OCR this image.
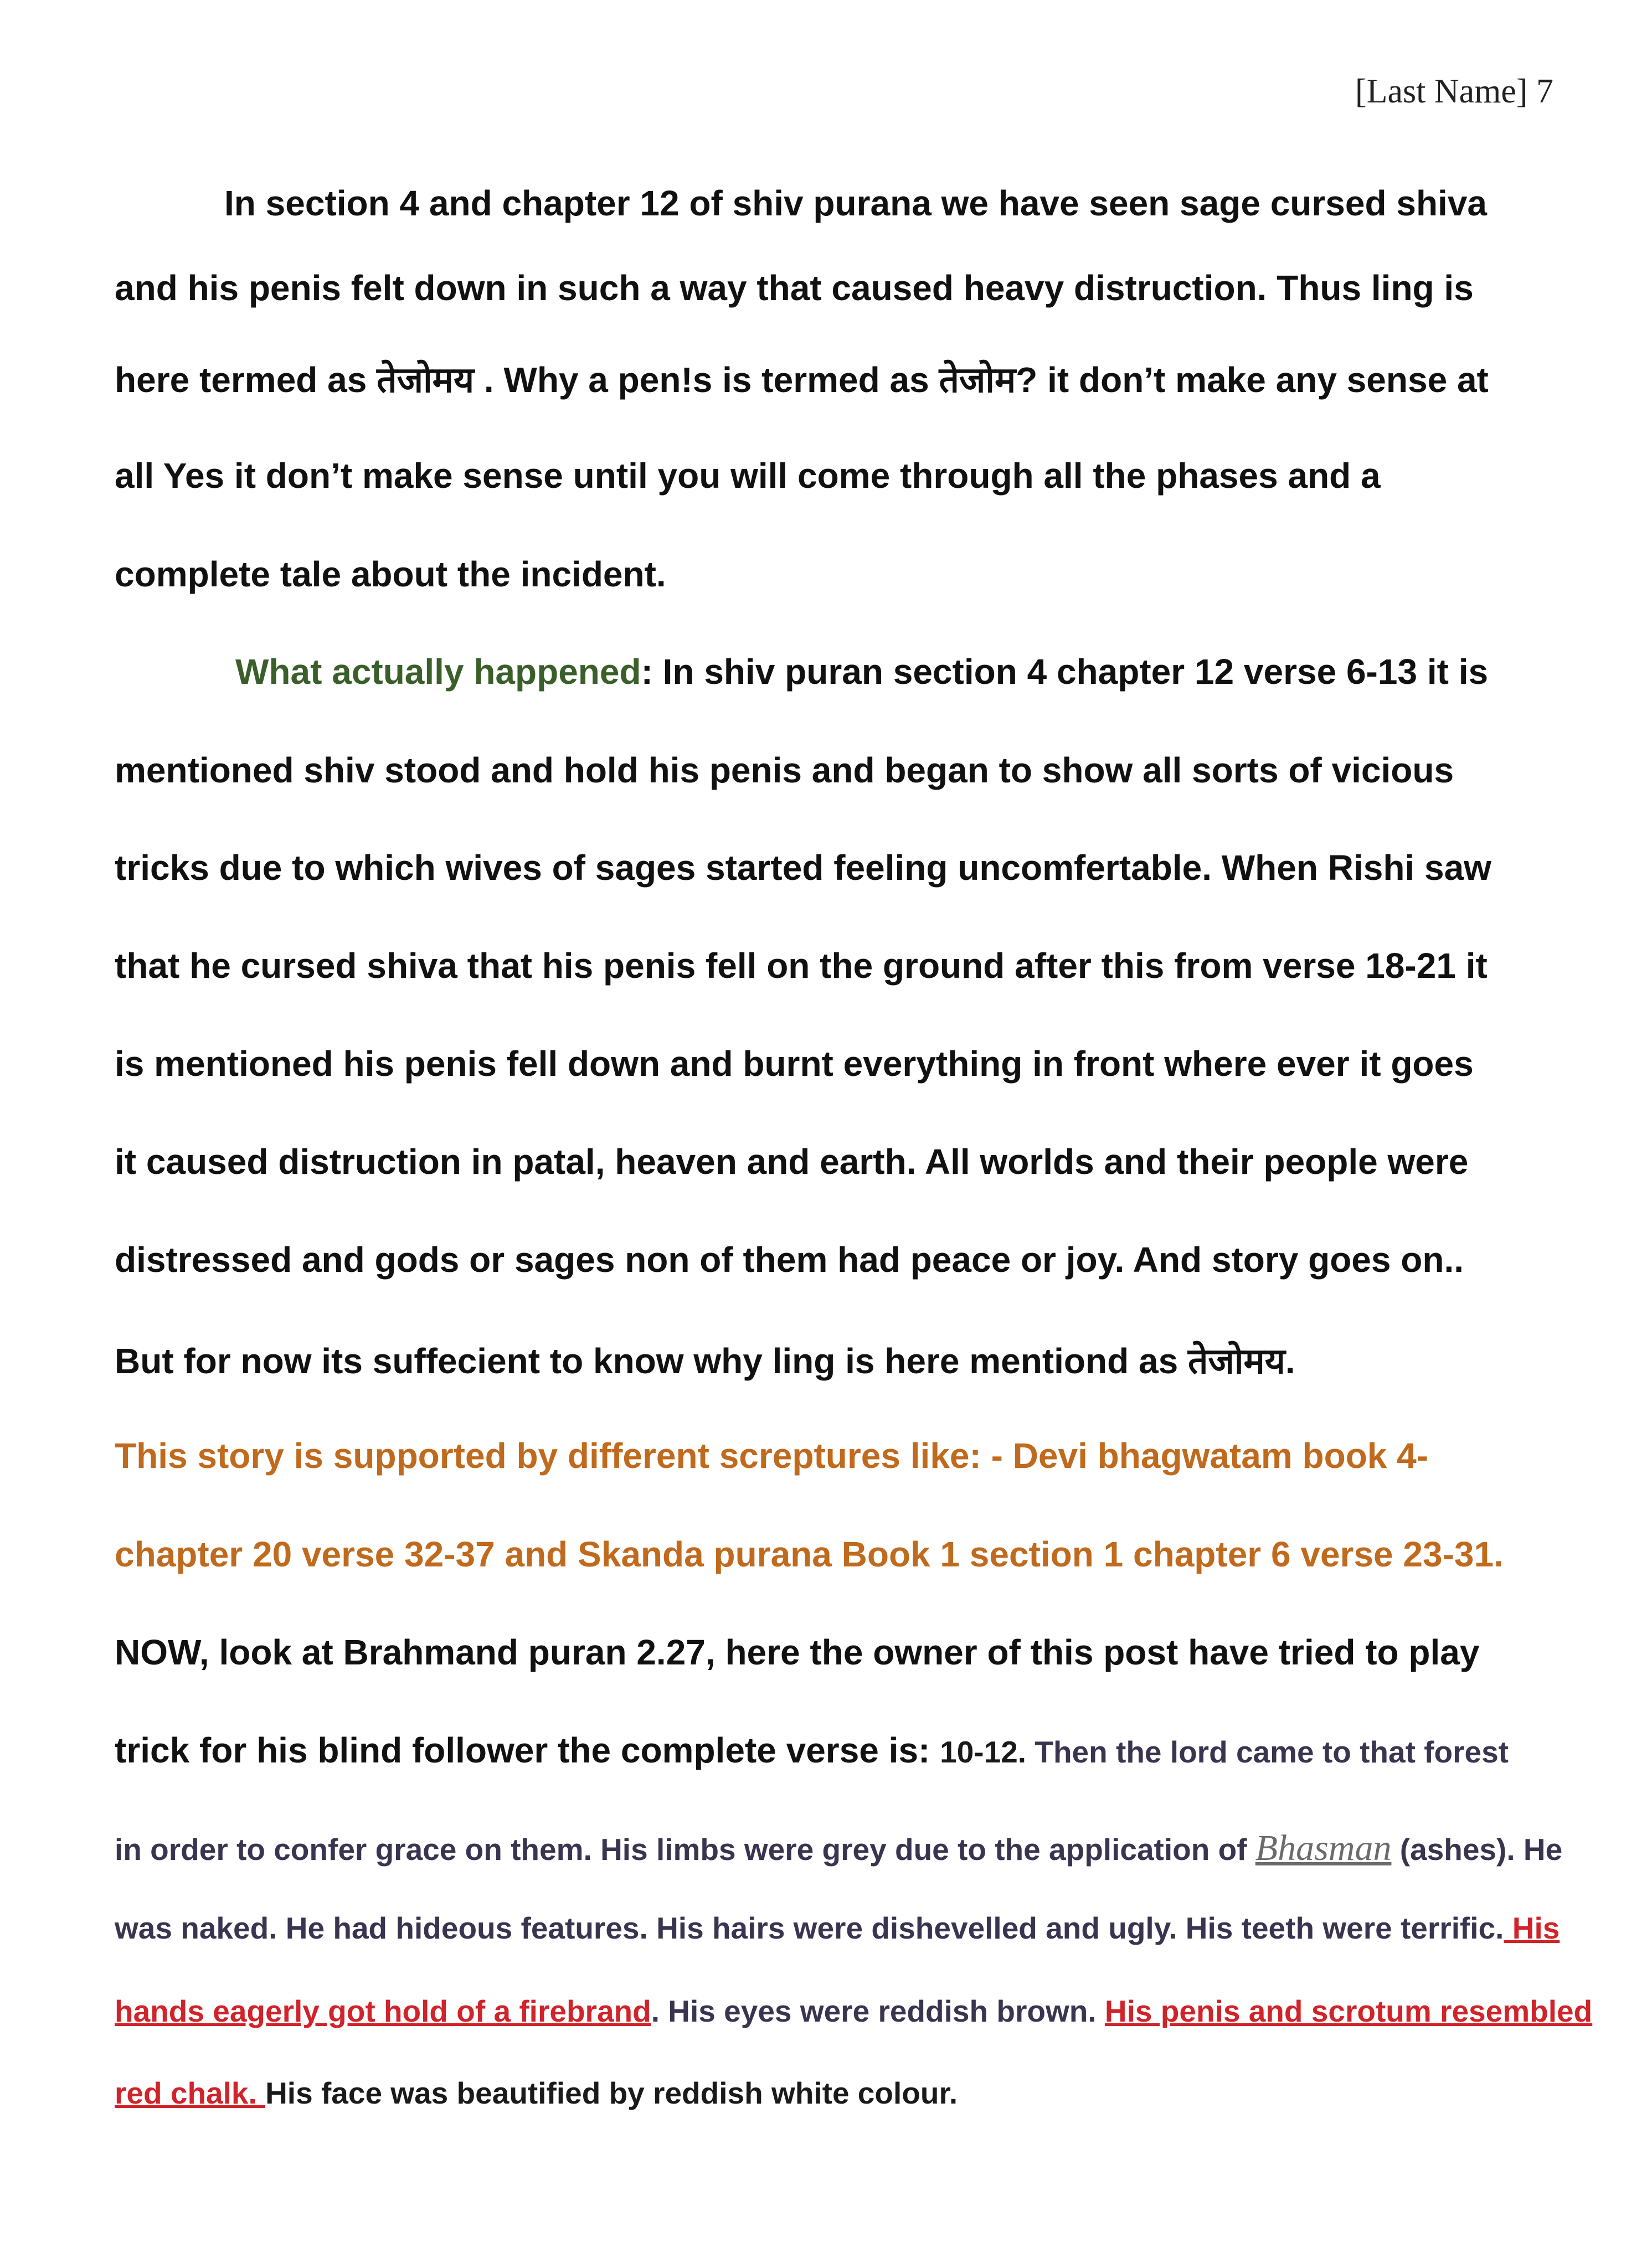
[Last Name] 7
In section 4 and chapter 12 of shiv purana we have seen sage cursed shiva
and his penis felt down in such a way that caused heavy distruction. Thus ling is
here termed as तेजोमय . Why a pen!s is termed as तेजोम? it don’t make any sense at
all Yes it don’t make sense until you will come through all the phases and a
complete tale about the incident.
What actually happened: In shiv puran section 4 chapter 12 verse 6-13 it is
mentioned shiv stood and hold his penis and began to show all sorts of vicious
tricks due to which wives of sages started feeling uncomfertable. When Rishi saw
that he cursed shiva that his penis fell on the ground after this from verse 18-21 it
is mentioned his penis fell down and burnt everything in front where ever it goes
it caused distruction in patal, heaven and earth. All worlds and their people were
distressed and gods or sages non of them had peace or joy. And story goes on..
But for now its suffecient to know why ling is here mentiond as तेजोमय.
This story is supported by different screptures like: - Devi bhagwatam book 4-
chapter 20 verse 32-37 and Skanda purana Book 1 section 1 chapter 6 verse 23-31.
NOW, look at Brahmand puran 2.27, here the owner of this post have tried to play
trick for his blind follower the complete verse is: 10-12. Then the lord came to that forest
in order to confer grace on them. His limbs were grey due to the application of Bhasman (ashes). He
was naked. He had hideous features. His hairs were dishevelled and ugly. His teeth were terrific. His
hands eagerly got hold of a firebrand. His eyes were reddish brown. His penis and scrotum resembled
red chalk. His face was beautified by reddish white colour.
